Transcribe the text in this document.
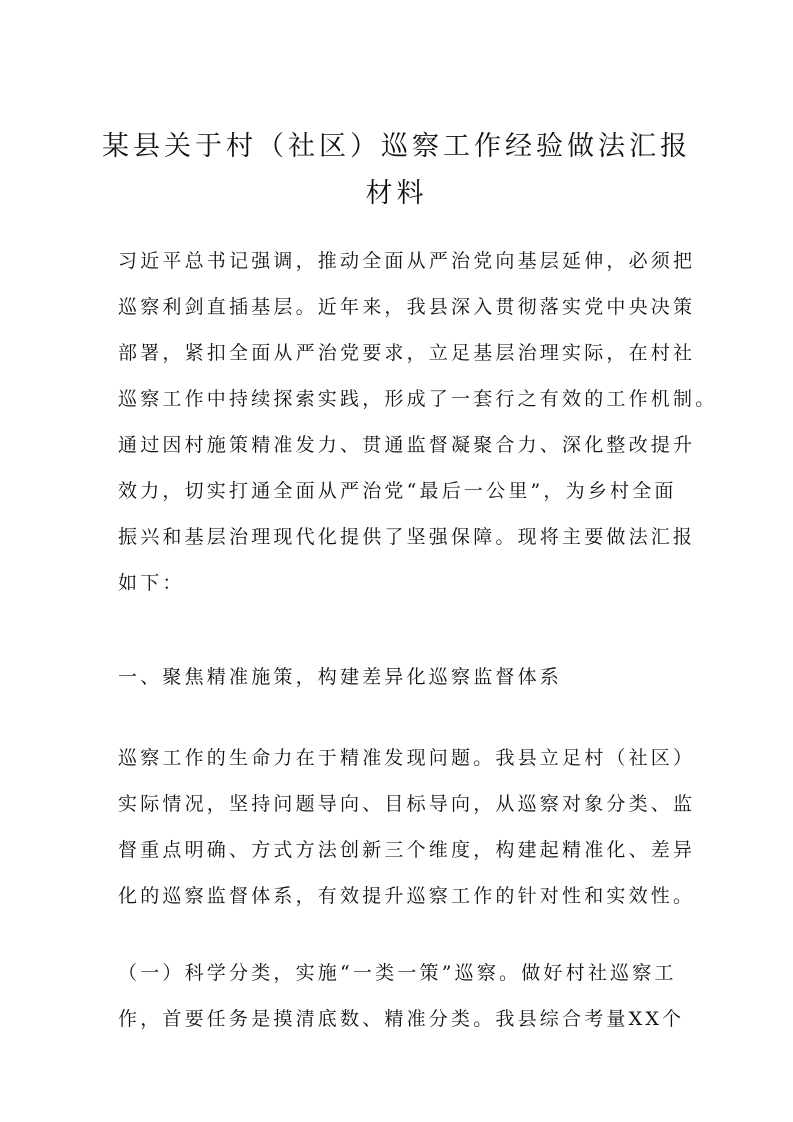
某县关于村（社区）巡察工作经验做法汇报
材料
习近平总书记强调，推动全面从严治党向基层延伸，必须把
巡察利剑直插基层。近年来，我县深入贯彻落实党中央决策
部署，紧扣全面从严治党要求，立足基层治理实际，在村社
巡察工作中持续探索实践，形成了一套行之有效的工作机制。
通过因村施策精准发力、贯通监督凝聚合力、深化整改提升
效力，切实打通全面从严治党“最后一公里”，为乡村全面
振兴和基层治理现代化提供了坚强保障。现将主要做法汇报
如下：
一、聚焦精准施策，构建差异化巡察监督体系
巡察工作的生命力在于精准发现问题。我县立足村（社区）
实际情况，坚持问题导向、目标导向，从巡察对象分类、监
督重点明确、方式方法创新三个维度，构建起精准化、差异
化的巡察监督体系，有效提升巡察工作的针对性和实效性。
（一）科学分类，实施“一类一策”巡察。做好村社巡察工
作，首要任务是摸清底数、精准分类。我县综合考量XX个
